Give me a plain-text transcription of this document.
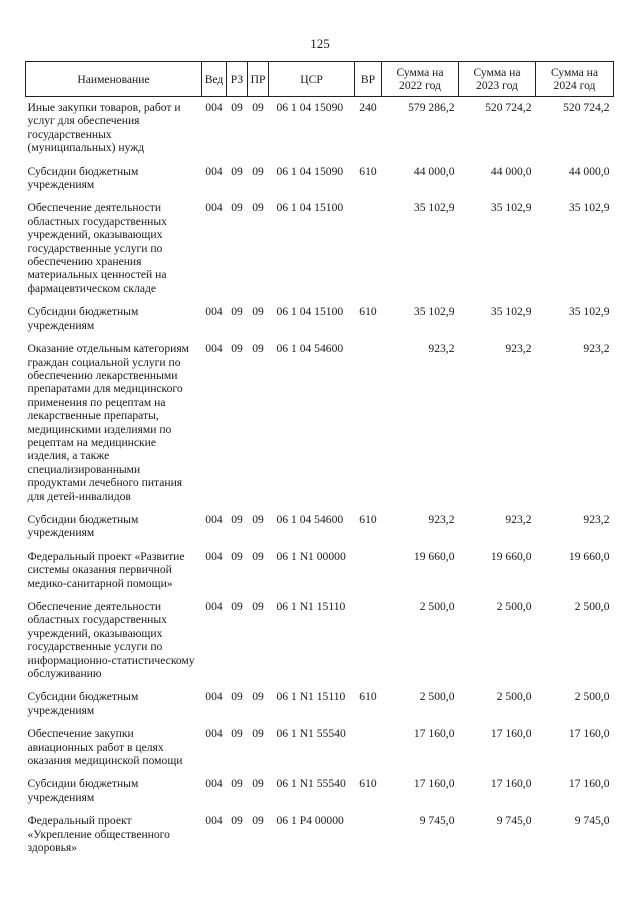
125
Наименование	Вед	РЗ	ПР	ЦСР	ВР	Сумма на 2022 год	Сумма на 2023 год	Сумма на 2024 год
Иные закупки товаров, работ и услуг для обеспечения государственных (муниципальных) нужд	004	09	09	06 1 04 15090	240	579 286,2	520 724,2	520 724,2
Субсидии бюджетным учреждениям	004	09	09	06 1 04 15090	610	44 000,0	44 000,0	44 000,0
Обеспечение деятельности областных государственных учреждений, оказывающих государственные услуги по обеспечению хранения материальных ценностей на фармацевтическом складе	004	09	09	06 1 04 15100		35 102,9	35 102,9	35 102,9
Субсидии бюджетным учреждениям	004	09	09	06 1 04 15100	610	35 102,9	35 102,9	35 102,9
Оказание отдельным категориям граждан социальной услуги по обеспечению лекарственными препаратами для медицинского применения по рецептам на лекарственные препараты, медицинскими изделиями по рецептам на медицинские изделия, а также специализированными продуктами лечебного питания для детей-инвалидов	004	09	09	06 1 04 54600		923,2	923,2	923,2
Субсидии бюджетным учреждениям	004	09	09	06 1 04 54600	610	923,2	923,2	923,2
Федеральный проект «Развитие системы оказания первичной медико-санитарной помощи»	004	09	09	06 1 N1 00000		19 660,0	19 660,0	19 660,0
Обеспечение деятельности областных государственных учреждений, оказывающих государственные услуги по информационно-статистическому обслуживанию	004	09	09	06 1 N1 15110		2 500,0	2 500,0	2 500,0
Субсидии бюджетным учреждениям	004	09	09	06 1 N1 15110	610	2 500,0	2 500,0	2 500,0
Обеспечение закупки авиационных работ в целях оказания медицинской помощи	004	09	09	06 1 N1 55540		17 160,0	17 160,0	17 160,0
Субсидии бюджетным учреждениям	004	09	09	06 1 N1 55540	610	17 160,0	17 160,0	17 160,0
Федеральный проект «Укрепление общественного здоровья»	004	09	09	06 1 P4 00000		9 745,0	9 745,0	9 745,0
